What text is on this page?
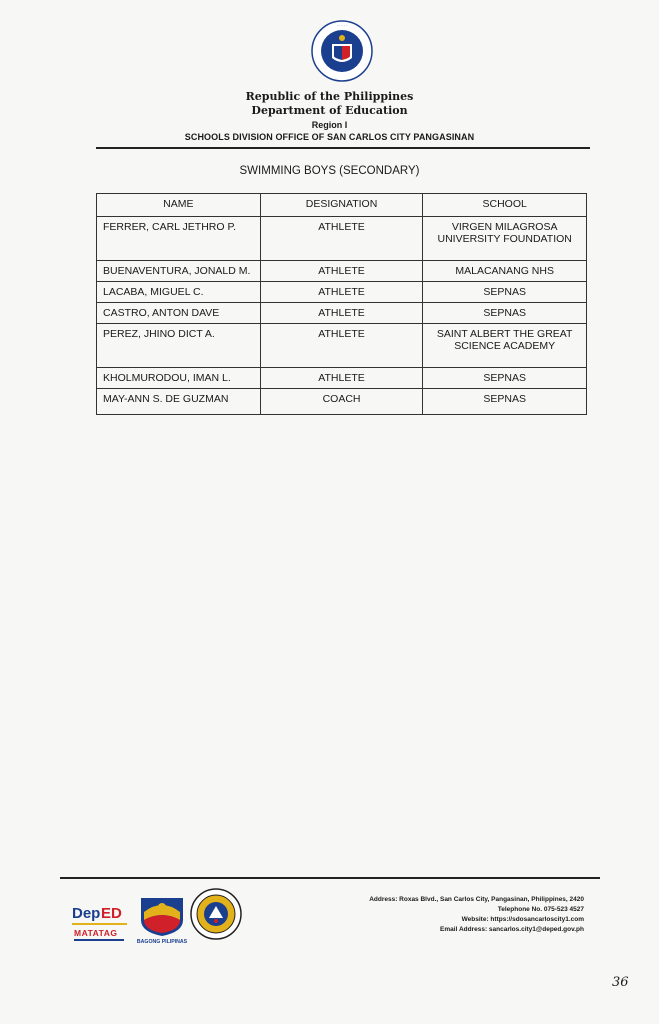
· · · · ·
Republic of the Philippines
Department of Education
Region I
SCHOOLS DIVISION OFFICE OF SAN CARLOS CITY PANGASINAN
SWIMMING BOYS (SECONDARY)
NAME	DESIGNATION	SCHOOL
FERRER, CARL JETHRO P.	ATHLETE	VIRGEN MILAGROSA UNIVERSITY FOUNDATION
BUENAVENTURA, JONALD M.	ATHLETE	MALACANANG NHS
LACABA, MIGUEL C.	ATHLETE	SEPNAS
CASTRO, ANTON DAVE	ATHLETE	SEPNAS
PEREZ, JHINO DICT A.	ATHLETE	SAINT ALBERT THE GREAT SCIENCE ACADEMY
KHOLMURODOU, IMAN L.	ATHLETE	SEPNAS
MAY-ANN S. DE GUZMAN	COACH	SEPNAS
Dep ED
MATATAG
BAGONG PILIPINAS
Address: Roxas Blvd., San Carlos City, Pangasinan, Philippines, 2420
Telephone No. 075-523 4527
Website: https://sdosancarloscity1.com
Email Address: sancarlos.city1@deped.gov.ph
36
